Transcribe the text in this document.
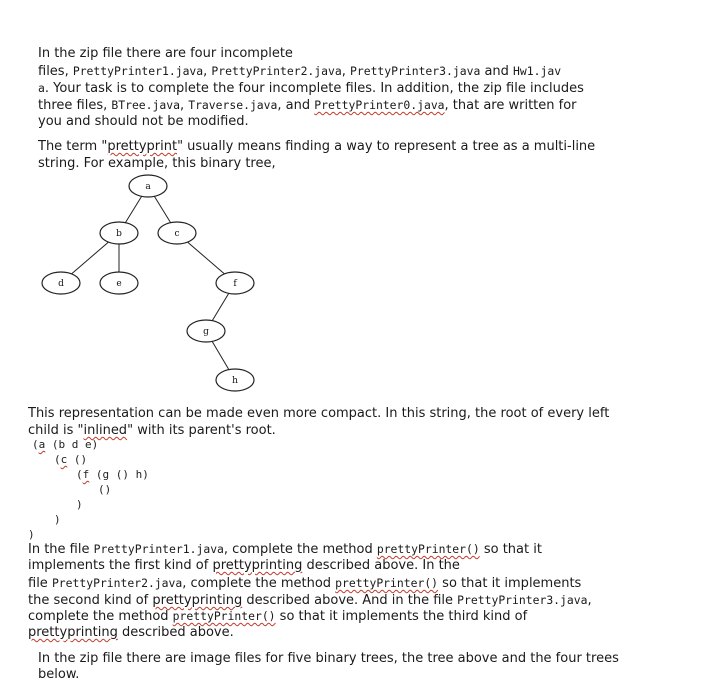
In the zip file there are four incomplete
files, PrettyPrinter1.java, PrettyPrinter2.java, PrettyPrinter3.java and Hw1.jav
a. Your task is to complete the four incomplete files. In addition, the zip file includes
three files, BTree.java, Traverse.java, and PrettyPrinter0.java, that are written for
you and should not be modified.
The term "prettyprint" usually means finding a way to represent a tree as a multi-line
string. For example, this binary tree,
a
b	c
d	e	f
g
h
This representation can be made even more compact. In this string, the root of every left
child is "inlined" with its parent's root.
(a (b d e)
(c ()
(f (g () h)
()
)
)
)
In the file PrettyPrinter1.java, complete the method prettyPrinter() so that it
implements the first kind of prettyprinting described above. In the
file PrettyPrinter2.java, complete the method prettyPrinter() so that it implements
the second kind of prettyprinting described above. And in the file PrettyPrinter3.java,
complete the method prettyPrinter() so that it implements the third kind of
prettyprinting described above.
In the zip file there are image files for five binary trees, the tree above and the four trees
below.
